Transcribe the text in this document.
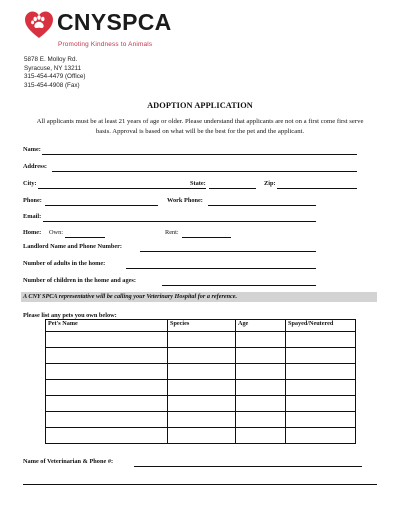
CNYSPCA
Promoting Kindness to Animals
5878 E. Molloy Rd.
Syracuse, NY 13211
315-454-4479 (Office)
315-454-4908 (Fax)
ADOPTION APPLICATION
All applicants must be at least 21 years of age or older. Please understand that applicants are not on a first come first serve basis. Approval is based on what will be the best for the pet and the applicant.
Name:
Address:
City:	State:	Zip:
Phone:	Work Phone:
Email:
Home: Own:	Rent:
Landlord Name and Phone Number:
Number of adults in the home:
Number of children in the home and ages:
A CNY SPCA representative will be calling your Veterinary Hospital for a reference.
Please list any pets you own below:
Pet's Name	Species	Age	Spayed/Neutered

Name of Veterinarian & Phone #:
